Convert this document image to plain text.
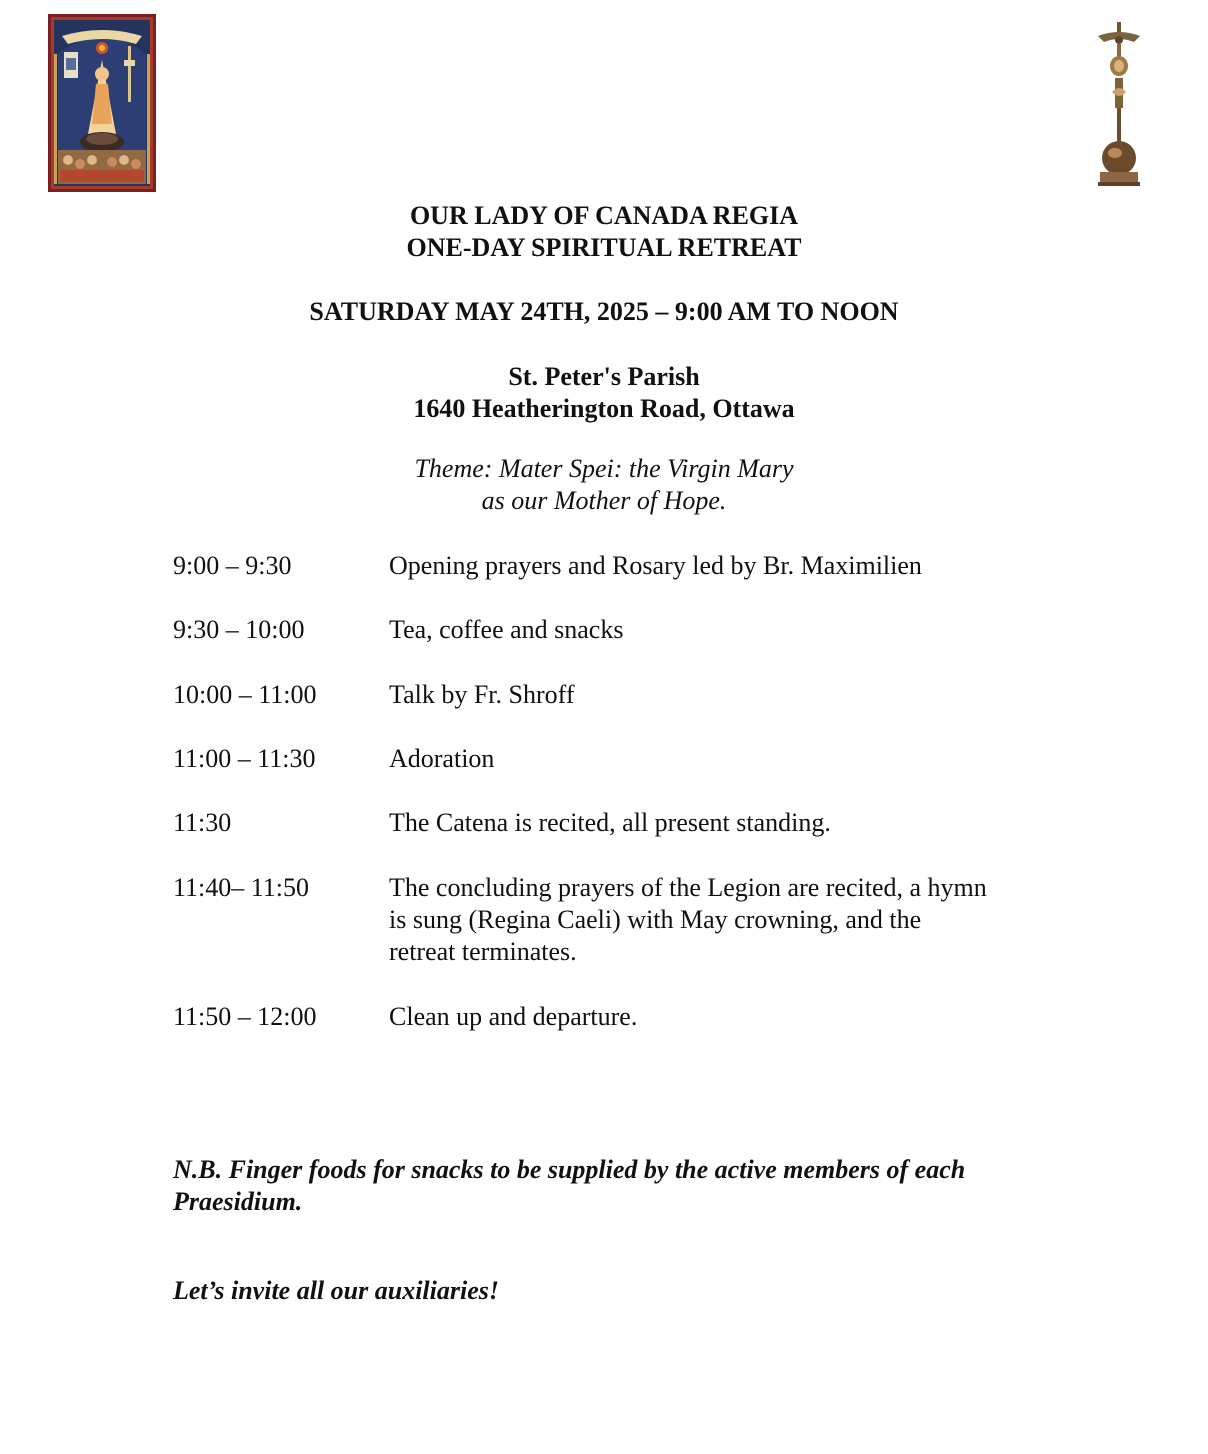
OUR LADY OF CANADA REGIA
ONE-DAY SPIRITUAL RETREAT
SATURDAY MAY 24TH, 2025 – 9:00 AM TO NOON
St. Peter's Parish
1640 Heatherington Road, Ottawa
Theme: Mater Spei: the Virgin Mary
as our Mother of Hope.
9:00 – 9:30	Opening prayers and Rosary led by Br. Maximilien
9:30 – 10:00	Tea, coffee and snacks
10:00 – 11:00	Talk by Fr. Shroff
11:00 – 11:30	Adoration
11:30	The Catena is recited, all present standing.
11:40– 11:50	The concluding prayers of the Legion are recited, a hymn
is sung (Regina Caeli) with May crowning, and the
retreat terminates.
11:50 – 12:00	Clean up and departure.
N.B. Finger foods for snacks to be supplied by the active members of each
Praesidium.
Let’s invite all our auxiliaries!
